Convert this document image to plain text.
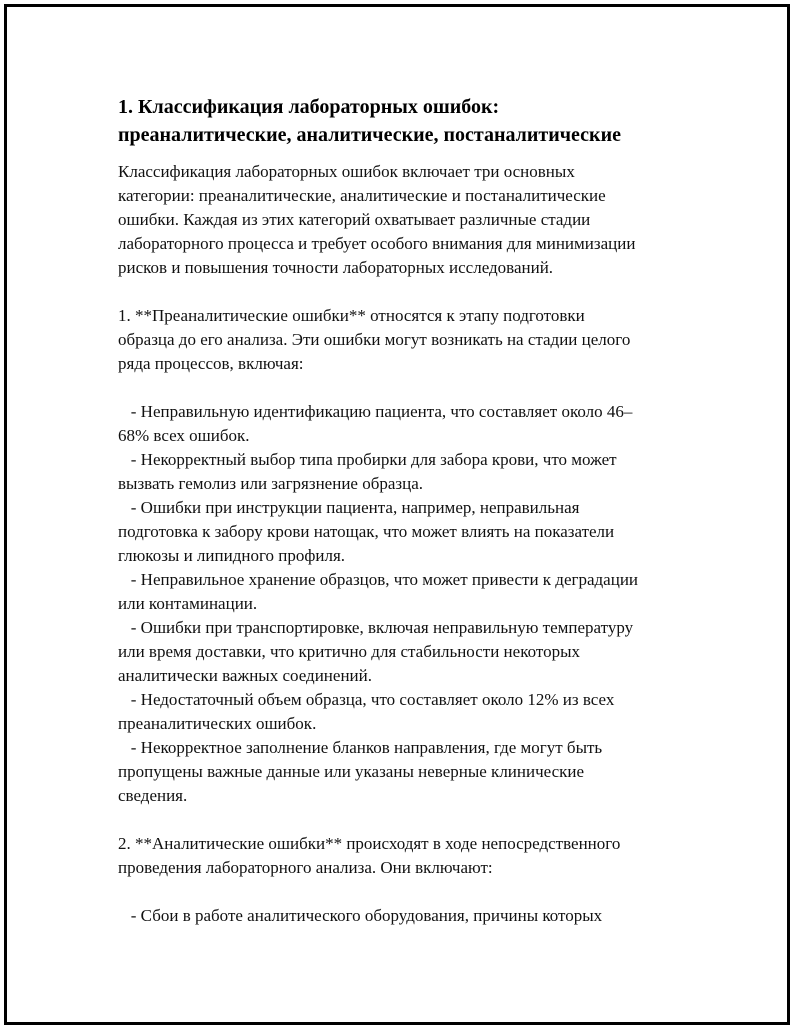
1. Классификация лабораторных ошибок:
преаналитические, аналитические, постаналитические

Классификация лабораторных ошибок включает три основных
категории: преаналитические, аналитические и постаналитические
ошибки. Каждая из этих категорий охватывает различные стадии
лабораторного процесса и требует особого внимания для минимизации
рисков и повышения точности лабораторных исследований.

1. **Преаналитические ошибки** относятся к этапу подготовки
образца до его анализа. Эти ошибки могут возникать на стадии целого
ряда процессов, включая:

- Неправильную идентификацию пациента, что составляет около 46–
68% всех ошибок.

- Некорректный выбор типа пробирки для забора крови, что может
вызвать гемолиз или загрязнение образца.

- Ошибки при инструкции пациента, например, неправильная
подготовка к забору крови натощак, что может влиять на показатели
глюкозы и липидного профиля.

- Неправильное хранение образцов, что может привести к деградации
или контаминации.

- Ошибки при транспортировке, включая неправильную температуру
или время доставки, что критично для стабильности некоторых
аналитически важных соединений.

- Недостаточный объем образца, что составляет около 12% из всех
преаналитических ошибок.

- Некорректное заполнение бланков направления, где могут быть
пропущены важные данные или указаны неверные клинические
сведения.

2. **Аналитические ошибки** происходят в ходе непосредственного
проведения лабораторного анализа. Они включают:

- Сбои в работе аналитического оборудования, причины которых
